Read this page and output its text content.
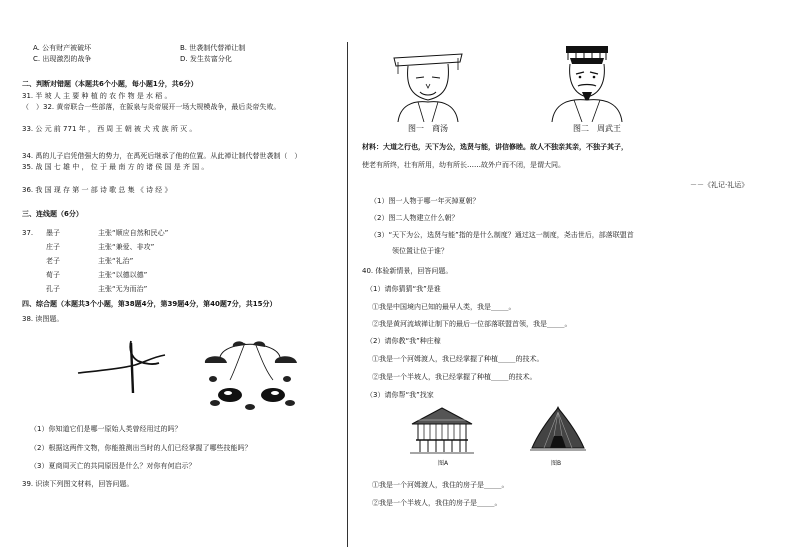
A. 公有财产被破坏	B. 世袭制代替禅让制
C. 出现激烈的战争	D. 发生贫富分化
二、判断对错题（本题共6个小题，每小题1分，共6分）
31. 半 坡 人 主 要 种 植 的 农 作 物 是 水 稻 。
（　）32. 黄帝联合一些部落，在阪泉与炎帝展开一场大规模战争，最后炎帝失败。
33. 公 元 前 771 年 ， 西 周 王 朝 被 犬 戎 族 所 灭 。
34. 禹的儿子启凭借强大的势力，在禹死后继承了他的位置。从此禅让制代替世袭制（　）
35. 战 国 七 雄 中 ， 位 于 最 南 方 的 诸 侯 国 是 齐 国 。
36. 我 国 现 存 第 一 部 诗 歌 总 集 《 诗 经 》
三、连线题（6分）
37. 墨子	主张“顺应自然和民心”
庄子	主张“兼爱、非攻”
老子	主张“礼治”
荀子	主张“以德以德”
孔子	主张“无为而治”
四、综合题（本题共3个小题，第38题4分，第39题4分，第40题7分，共15分）
38. 读图题。
（1）你知道它们是哪一原始人类曾经用过的吗？
（2）根据这两件文物，你能推测出当时的人们已经掌握了哪些技能吗？
（3）夏商周灭亡的共同原因是什么？对你有何启示？
39. 识读下列图文材料，回答问题。
图一　商汤	图二　周武王
材料：大道之行也，天下为公，选贤与能，讲信修睦。故人不独亲其亲，不独子其子，
使老有所终，壮有所用，幼有所长……故外户而不闭，是谓大同。
－－《礼记·礼运》
（1）图一人物于哪一年灭掉夏朝？
（2）图二人物建立什么朝？
（3）“天下为公，选贤与能”指的是什么制度？通过这一制度，尧击世后，部落联盟首
领位置让位于谁？
40. 体验新情景，回答问题。
（1）请你猜猜“我”是谁
①我是中国境内已知的最早人类，我是_____。
②我是黄河流域禅让制下的最后一位部落联盟首领，我是_____。
（2）请你教“我”种庄稼
①我是一个河姆渡人，我已经掌握了种植_____的技术。
②我是一个半坡人，我已经掌握了种植_____的技术。
（3）请你帮“我”找家
图A	图B
①我是一个河姆渡人，我住的房子是_____。
②我是一个半坡人，我住的房子是_____。
